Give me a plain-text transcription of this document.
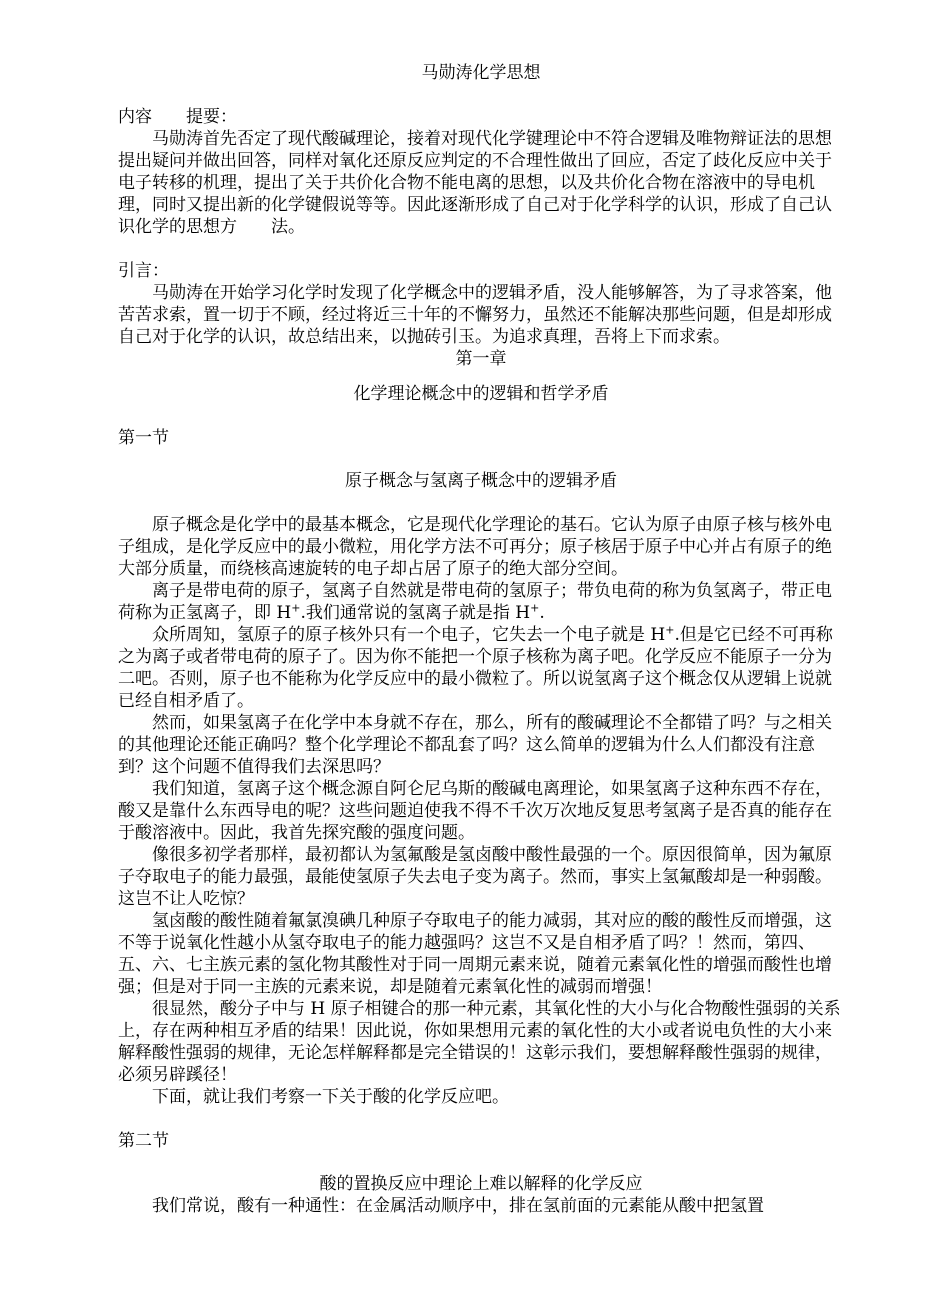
马勋涛化学思想
内容　　提要：
马勋涛首先否定了现代酸碱理论，接着对现代化学键理论中不符合逻辑及唯物辩证法的思想提出疑问并做出回答，同样对氧化还原反应判定的不合理性做出了回应，否定了歧化反应中关于电子转移的机理，提出了关于共价化合物不能电离的思想，以及共价化合物在溶液中的导电机理，同时又提出新的化学键假说等等。因此逐渐形成了自己对于化学科学的认识，形成了自己认识化学的思想方　　法。
引言：
马勋涛在开始学习化学时发现了化学概念中的逻辑矛盾，没人能够解答，为了寻求答案，他苦苦求索，置一切于不顾，经过将近三十年的不懈努力，虽然还不能解决那些问题，但是却形成自己对于化学的认识，故总结出来，以抛砖引玉。为追求真理，吾将上下而求索。
第一章
化学理论概念中的逻辑和哲学矛盾
第一节
原子概念与氢离子概念中的逻辑矛盾
原子概念是化学中的最基本概念，它是现代化学理论的基石。它认为原子由原子核与核外电子组成，是化学反应中的最小微粒，用化学方法不可再分；原子核居于原子中心并占有原子的绝大部分质量，而绕核高速旋转的电子却占居了原子的绝大部分空间。
离子是带电荷的原子，氢离子自然就是带电荷的氢原子；带负电荷的称为负氢离子，带正电荷称为正氢离子，即 H+.我们通常说的氢离子就是指 H+.
众所周知，氢原子的原子核外只有一个电子，它失去一个电子就是 H+.但是它已经不可再称之为离子或者带电荷的原子了。因为你不能把一个原子核称为离子吧。化学反应不能原子一分为二吧。否则，原子也不能称为化学反应中的最小微粒了。所以说氢离子这个概念仅从逻辑上说就已经自相矛盾了。
然而，如果氢离子在化学中本身就不存在，那么，所有的酸碱理论不全都错了吗？与之相关的其他理论还能正确吗？整个化学理论不都乱套了吗？这么简单的逻辑为什么人们都没有注意到？这个问题不值得我们去深思吗？
我们知道，氢离子这个概念源自阿仑尼乌斯的酸碱电离理论，如果氢离子这种东西不存在，酸又是靠什么东西导电的呢？这些问题迫使我不得不千次万次地反复思考氢离子是否真的能存在于酸溶液中。因此，我首先探究酸的强度问题。
像很多初学者那样，最初都认为氢氟酸是氢卤酸中酸性最强的一个。原因很简单，因为氟原子夺取电子的能力最强，最能使氢原子失去电子变为离子。然而，事实上氢氟酸却是一种弱酸。这岂不让人吃惊？
氢卤酸的酸性随着氟氯溴碘几种原子夺取电子的能力减弱，其对应的酸的酸性反而增强，这不等于说氧化性越小从氢夺取电子的能力越强吗？这岂不又是自相矛盾了吗？！然而，第四、五、六、七主族元素的氢化物其酸性对于同一周期元素来说，随着元素氧化性的增强而酸性也增强；但是对于同一主族的元素来说，却是随着元素氧化性的减弱而增强！
很显然，酸分子中与 H 原子相键合的那一种元素，其氧化性的大小与化合物酸性强弱的关系上，存在两种相互矛盾的结果！因此说，你如果想用元素的氧化性的大小或者说电负性的大小来解释酸性强弱的规律，无论怎样解释都是完全错误的！这彰示我们，要想解释酸性强弱的规律，必须另辟蹊径！
下面，就让我们考察一下关于酸的化学反应吧。
第二节
酸的置换反应中理论上难以解释的化学反应
我们常说，酸有一种通性：在金属活动顺序中，排在氢前面的元素能从酸中把氢置
